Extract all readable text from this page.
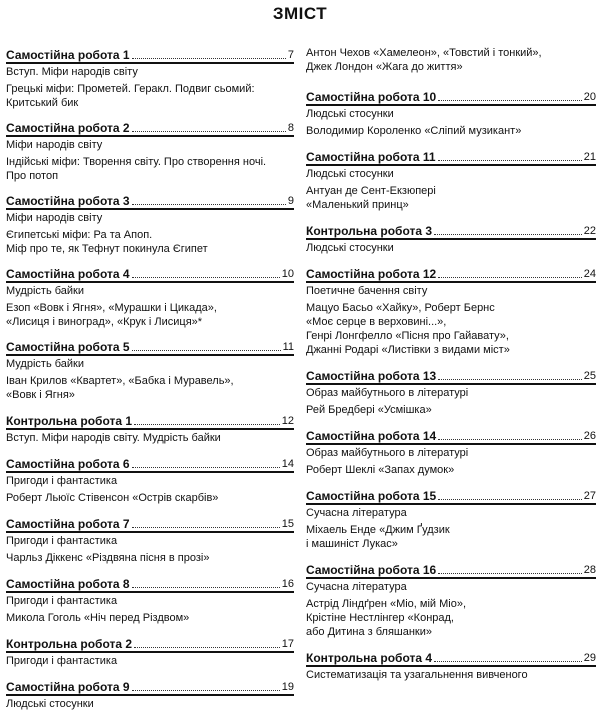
ЗМІСТ
Самостійна робота 1	7
Вступ. Міфи народів світу
Грецькі міфи: Прометей. Геракл. Подвиг сьомий:
Критський бик
Самостійна робота 2	8
Міфи народів світу
Індійські міфи: Творення світу. Про створення ночі.
Про потоп
Самостійна робота 3	9
Міфи народів світу
Єгипетські міфи: Ра та Апоп.
Міф про те, як Тефнут покинула Єгипет
Самостійна робота 4	10
Мудрість байки
Езоп «Вовк і Ягня», «Мурашки і Цикада»,
«Лисиця і виноград», «Крук і Лисиця»*
Самостійна робота 5	11
Мудрість байки
Іван Крилов «Квартет», «Бабка і Муравель»,
«Вовк і Ягня»
Контрольна робота 1	12
Вступ. Міфи народів світу. Мудрість байки
Самостійна робота 6	14
Пригоди і фантастика
Роберт Льюїс Стівенсон «Острів скарбів»
Самостійна робота 7	15
Пригоди і фантастика
Чарльз Діккенс «Різдвяна пісня в прозі»
Самостійна робота 8	16
Пригоди і фантастика
Микола Гоголь «Ніч перед Різдвом»
Контрольна робота 2	17
Пригоди і фантастика
Самостійна робота 9	19
Людські стосунки
Антон Чехов «Хамелеон», «Товстий і тонкий»,
Джек Лондон «Жага до життя»
Самостійна робота 10	20
Людські стосунки
Володимир Короленко «Сліпий музикант»
Самостійна робота 11	21
Людські стосунки
Антуан де Сент-Екзюпері
«Маленький принц»
Контрольна робота 3	22
Людські стосунки
Самостійна робота 12	24
Поетичне бачення світу
Мацуо Басьо «Хайку», Роберт Бернс
«Моє серце в верховині...»,
Генрі Лонгфелло «Пісня про Гайавату»,
Джанні Родарі «Листівки з видами міст»
Самостійна робота 13	25
Образ майбутнього в літературі
Рей Бредбері «Усмішка»
Самостійна робота 14	26
Образ майбутнього в літературі
Роберт Шеклі «Запах думок»
Самостійна робота 15	27
Сучасна література
Міхаель Енде «Джим Ґудзик
і машиніст Лукас»
Самостійна робота 16	28
Сучасна література
Астрід Ліндґрен «Міо, мій Міо»,
Крістіне Нестлінгер «Конрад,
або Дитина з бляшанки»
Контрольна робота 4	29
Систематизація та узагальнення вивченого
